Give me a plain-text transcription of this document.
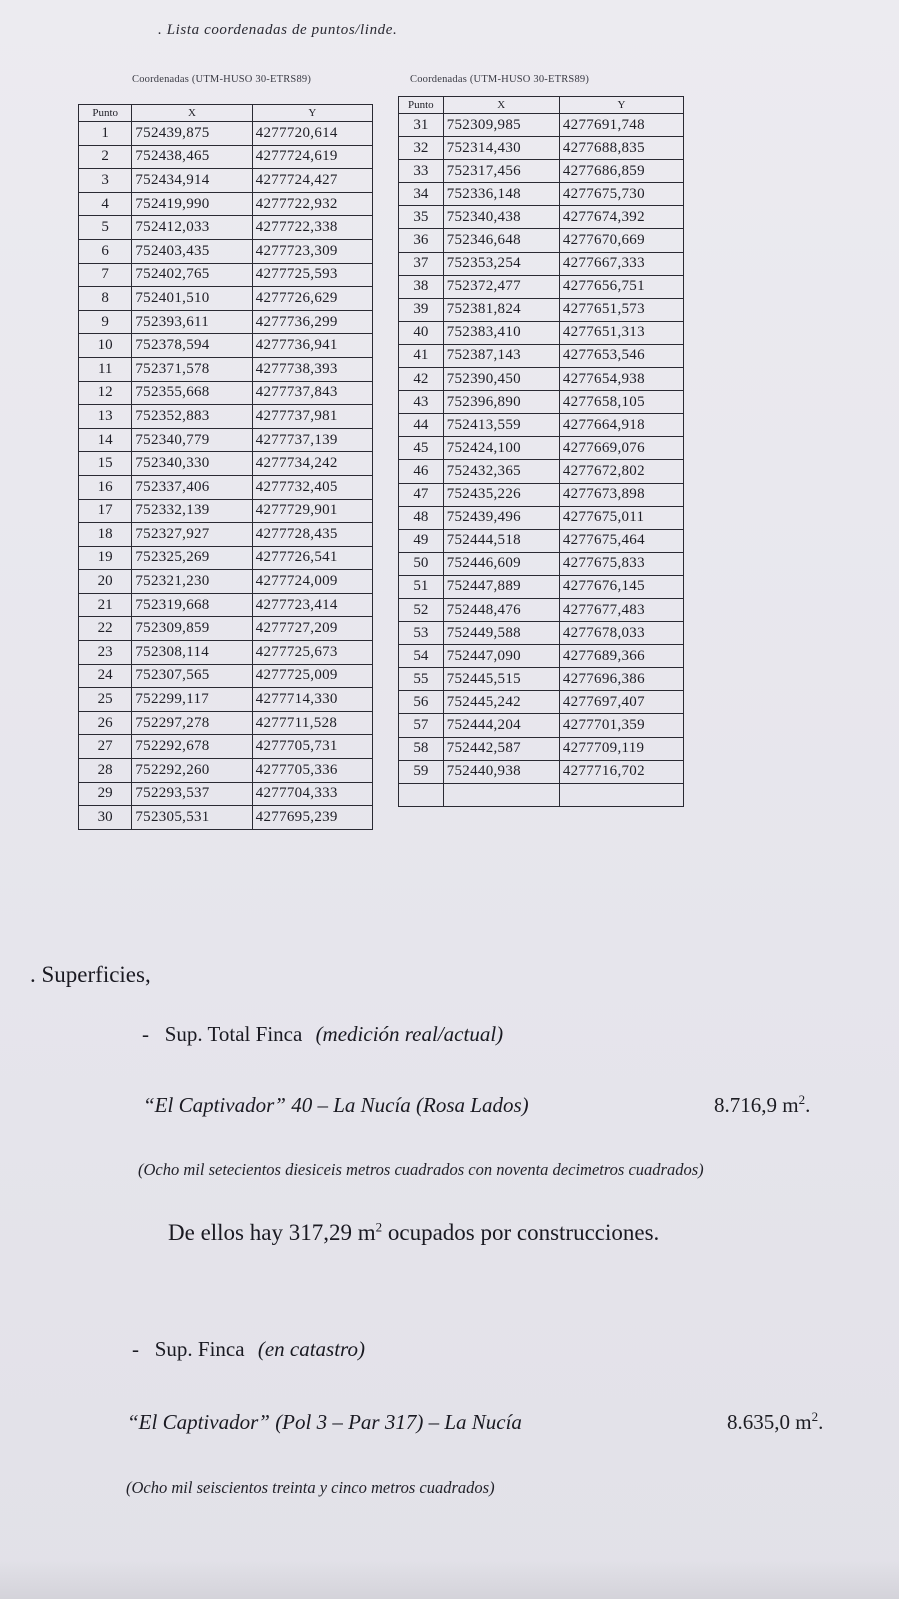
. Lista coordenadas de puntos/linde.
Coordenadas (UTM-HUSO 30-ETRS89)	Coordenadas (UTM-HUSO 30-ETRS89)
Punto	X	Y
1	752439,875	4277720,614
2	752438,465	4277724,619
3	752434,914	4277724,427
4	752419,990	4277722,932
5	752412,033	4277722,338
6	752403,435	4277723,309
7	752402,765	4277725,593
8	752401,510	4277726,629
9	752393,611	4277736,299
10	752378,594	4277736,941
11	752371,578	4277738,393
12	752355,668	4277737,843
13	752352,883	4277737,981
14	752340,779	4277737,139
15	752340,330	4277734,242
16	752337,406	4277732,405
17	752332,139	4277729,901
18	752327,927	4277728,435
19	752325,269	4277726,541
20	752321,230	4277724,009
21	752319,668	4277723,414
22	752309,859	4277727,209
23	752308,114	4277725,673
24	752307,565	4277725,009
25	752299,117	4277714,330
26	752297,278	4277711,528
27	752292,678	4277705,731
28	752292,260	4277705,336
29	752293,537	4277704,333
30	752305,531	4277695,239
Punto	X	Y
31	752309,985	4277691,748
32	752314,430	4277688,835
33	752317,456	4277686,859
34	752336,148	4277675,730
35	752340,438	4277674,392
36	752346,648	4277670,669
37	752353,254	4277667,333
38	752372,477	4277656,751
39	752381,824	4277651,573
40	752383,410	4277651,313
41	752387,143	4277653,546
42	752390,450	4277654,938
43	752396,890	4277658,105
44	752413,559	4277664,918
45	752424,100	4277669,076
46	752432,365	4277672,802
47	752435,226	4277673,898
48	752439,496	4277675,011
49	752444,518	4277675,464
50	752446,609	4277675,833
51	752447,889	4277676,145
52	752448,476	4277677,483
53	752449,588	4277678,033
54	752447,090	4277689,366
55	752445,515	4277696,386
56	752445,242	4277697,407
57	752444,204	4277701,359
58	752442,587	4277709,119
59	752440,938	4277716,702

. Superficies,
-   Sup. Total Finca (medición real/actual)
“El Captivador” 40 – La Nucía (Rosa Lados)	8.716,9 $m^2$.
(Ocho mil setecientos diesiceis metros cuadrados con noventa decimetros cuadrados)
De ellos hay 317,29 $m^2$ ocupados por construcciones.
-   Sup. Finca (en catastro)
“El Captivador” (Pol 3 – Par 317) – La Nucía	8.635,0 $m^2$.
(Ocho mil seiscientos treinta y cinco metros cuadrados)
